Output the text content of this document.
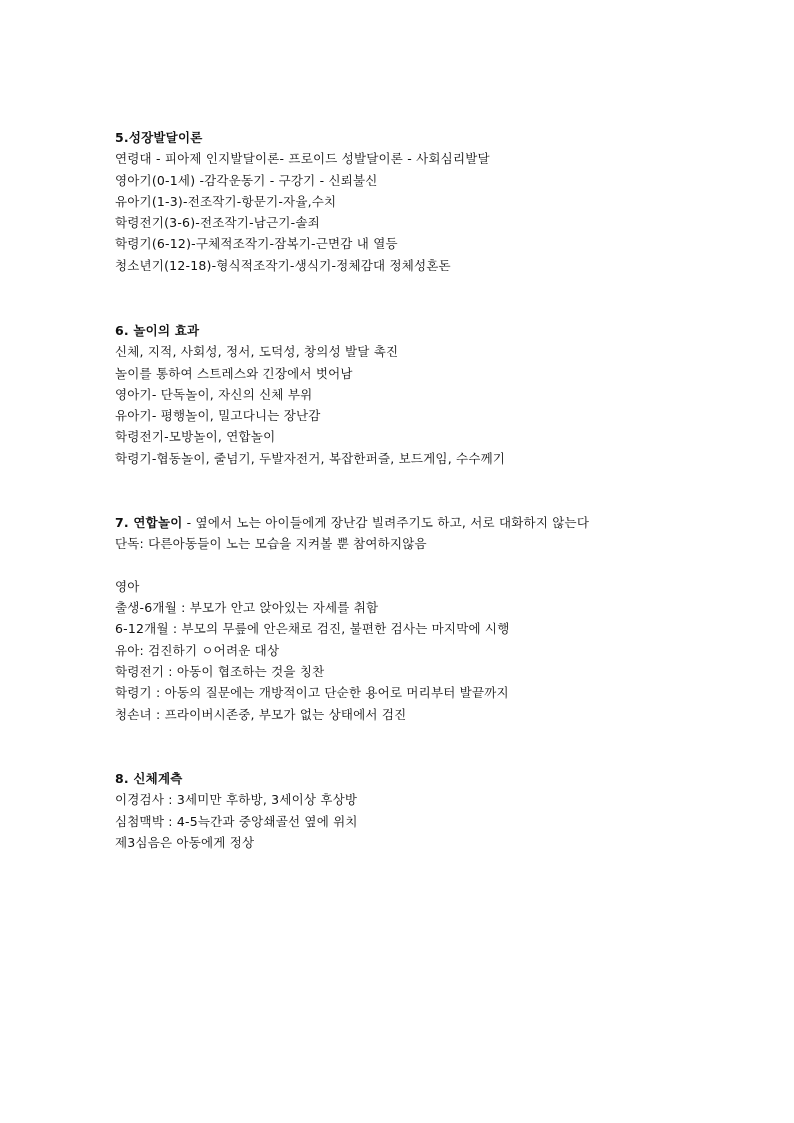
5.성장발달이론
연령대 - 피아제 인지발달이론- 프로이드 성발달이론 - 사회심리발달
영아기(0-1세) -감각운동기 - 구강기 - 신뢰불신
유아기(1-3)-전조작기-항문기-자율,수치
학령전기(3-6)-전조작기-남근기-솔죄
학령기(6-12)-구체적조작기-잠복기-근면감 내 열등
청소년기(12-18)-형식적조작기-생식기-정체감대 정체성혼돈
6. 놀이의 효과
신체, 지적, 사회성, 정서, 도덕성, 창의성 발달 촉진
놀이를 통하여 스트레스와 긴장에서 벗어남
영아기- 단독놀이, 자신의 신체 부위
유아기- 평행놀이, 밀고다니는 장난감
학령전기-모방놀이, 연합놀이
학령기-협동놀이, 줄넘기, 두발자전거, 복잡한퍼즐, 보드게임, 수수께기
7. 연합놀이 - 옆에서 노는 아이들에게 장난감 빌려주기도 하고, 서로 대화하지 않는다
단독: 다른아동들이 노는 모습을 지켜볼 뿐 참여하지않음
영아
출생-6개월 : 부모가 안고 앉아있는 자세를 취함
6-12개월 : 부모의 무릎에 안은채로 검진, 불편한 검사는 마지막에 시행
유아: 검진하기 ㅇ어려운 대상
학령전기 : 아동이 협조하는 것을 칭찬
학령기 : 아동의 질문에는 개방적이고 단순한 용어로 머리부터 발끝까지
청손녀 : 프라이버시존중, 부모가 없는 상태에서 검진
8. 신체계측
이경검사 : 3세미만 후하방, 3세이상 후상방
심첨맥박 : 4-5늑간과 중앙쇄골선 옆에 위치
제3심음은 아동에게 정상
